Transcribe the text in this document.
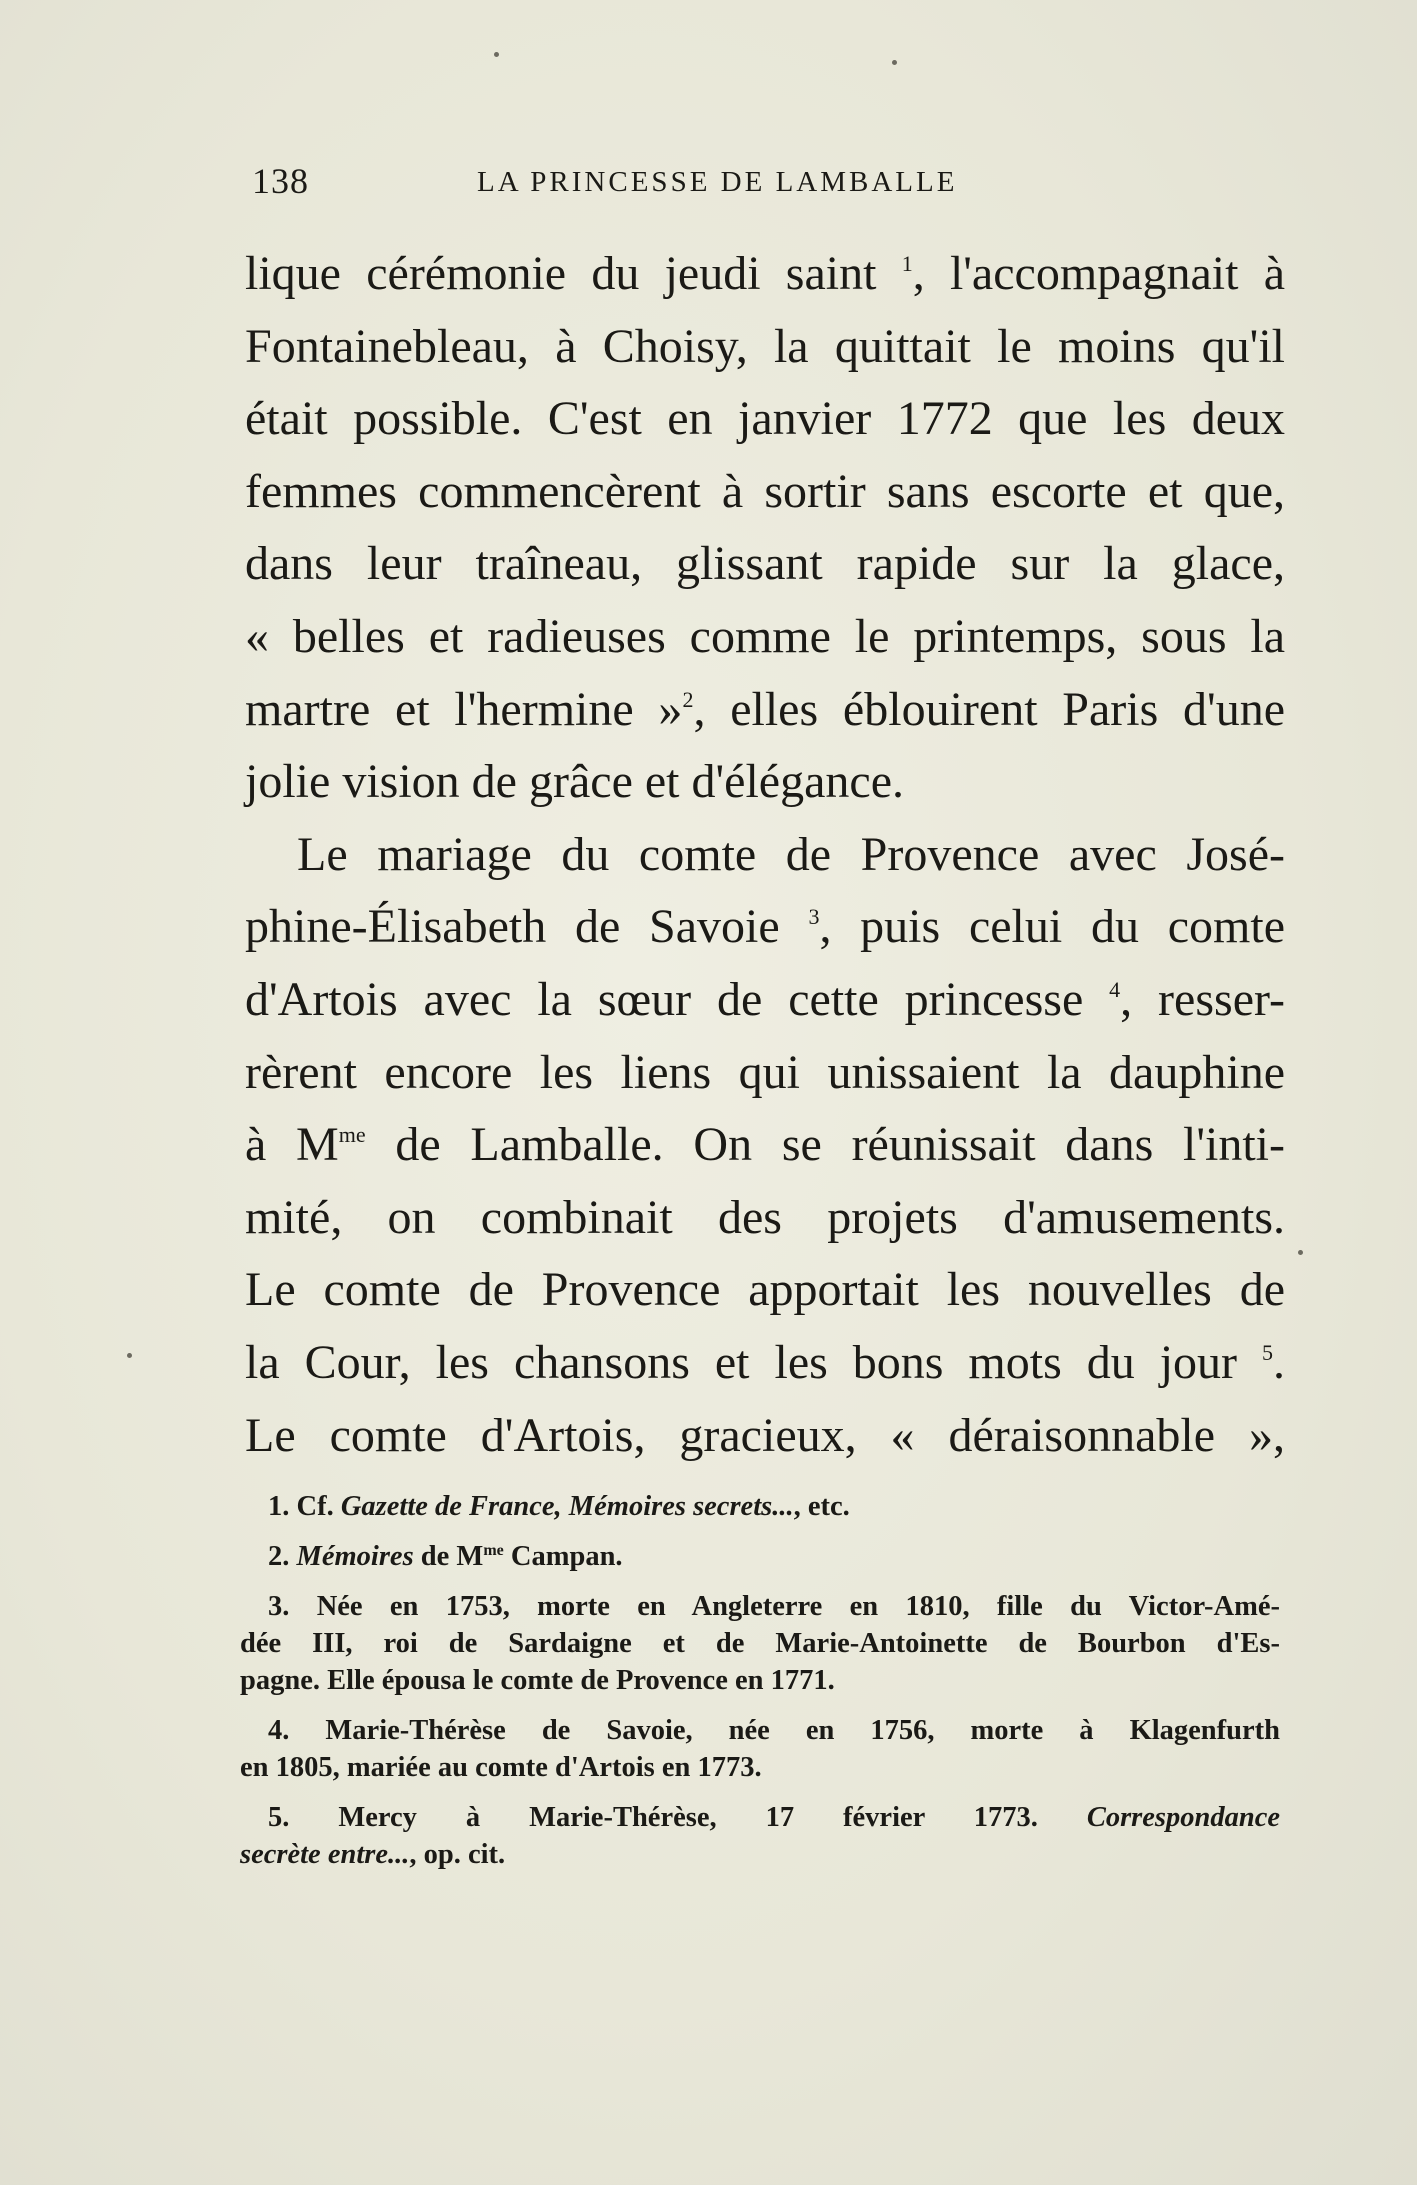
138	LA PRINCESSE DE LAMBALLE
lique cérémonie du jeudi saint $^1$, l'accompagnait à
Fontainebleau, à Choisy, la quittait le moins qu'il
était possible. C'est en janvier 1772 que les deux
femmes commencèrent à sortir sans escorte et que,
dans leur traîneau, glissant rapide sur la glace,
« belles et radieuses comme le printemps, sous la
martre et l'hermine »$^2$, elles éblouirent Paris d'une
jolie vision de grâce et d'élégance.
Le mariage du comte de Provence avec José-
phine-Élisabeth de Savoie $^3$, puis celui du comte
d'Artois avec la sœur de cette princesse $^4$, resser-
rèrent encore les liens qui unissaient la dauphine
à $M^{me}$ de Lamballe. On se réunissait dans l'inti-
mité, on combinait des projets d'amusements.
Le comte de Provence apportait les nouvelles de
la Cour, les chansons et les bons mots du jour $^5$.
Le comte d'Artois, gracieux, « déraisonnable »,
1. Cf. Gazette de France, Mémoires secrets..., etc.
2. Mémoires de $M^{me}$ Campan.
3. Née en 1753, morte en Angleterre en 1810, fille du Victor-Amé-
dée III, roi de Sardaigne et de Marie-Antoinette de Bourbon d'Es-
pagne. Elle épousa le comte de Provence en 1771.
4. Marie-Thérèse de Savoie, née en 1756, morte à Klagenfurth
en 1805, mariée au comte d'Artois en 1773.
5. Mercy à Marie-Thérèse, 17 février 1773. Correspondance
secrète entre..., op. cit.
